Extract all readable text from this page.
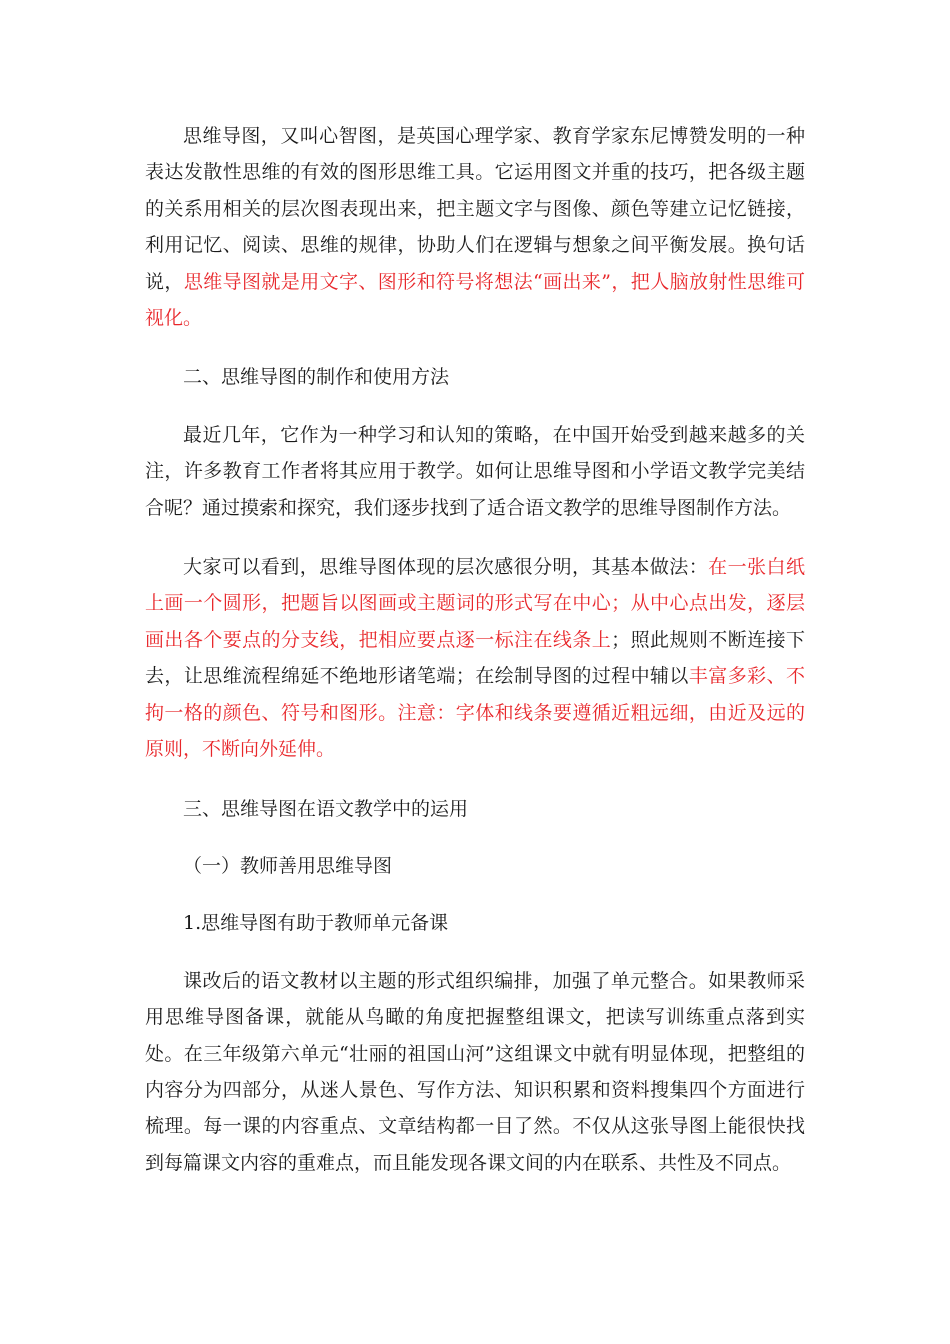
思维导图，又叫心智图，是英国心理学家、教育学家东尼博赞发明的一种表达发散性思维的有效的图形思维工具。它运用图文并重的技巧，把各级主题的关系用相关的层次图表现出来，把主题文字与图像、颜色等建立记忆链接，利用记忆、阅读、思维的规律，协助人们在逻辑与想象之间平衡发展。换句话说，思维导图就是用文字、图形和符号将想法“画出来”，把人脑放射性思维可视化。

二、思维导图的制作和使用方法

最近几年，它作为一种学习和认知的策略，在中国开始受到越来越多的关注，许多教育工作者将其应用于教学。如何让思维导图和小学语文教学完美结合呢？通过摸索和探究，我们逐步找到了适合语文教学的思维导图制作方法。

大家可以看到，思维导图体现的层次感很分明，其基本做法：在一张白纸上画一个圆形，把题旨以图画或主题词的形式写在中心；从中心点出发，逐层画出各个要点的分支线，把相应要点逐一标注在线条上；照此规则不断连接下去，让思维流程绵延不绝地形诸笔端；在绘制导图的过程中辅以丰富多彩、不拘一格的颜色、符号和图形。注意：字体和线条要遵循近粗远细，由近及远的原则，不断向外延伸。

三、思维导图在语文教学中的运用

（一）教师善用思维导图

1.思维导图有助于教师单元备课

课改后的语文教材以主题的形式组织编排，加强了单元整合。如果教师采用思维导图备课，就能从鸟瞰的角度把握整组课文，把读写训练重点落到实处。在三年级第六单元“壮丽的祖国山河”这组课文中就有明显体现，把整组的内容分为四部分，从迷人景色、写作方法、知识积累和资料搜集四个方面进行梳理。每一课的内容重点、文章结构都一目了然。不仅从这张导图上能很快找到每篇课文内容的重难点，而且能发现各课文间的内在联系、共性及不同点。
